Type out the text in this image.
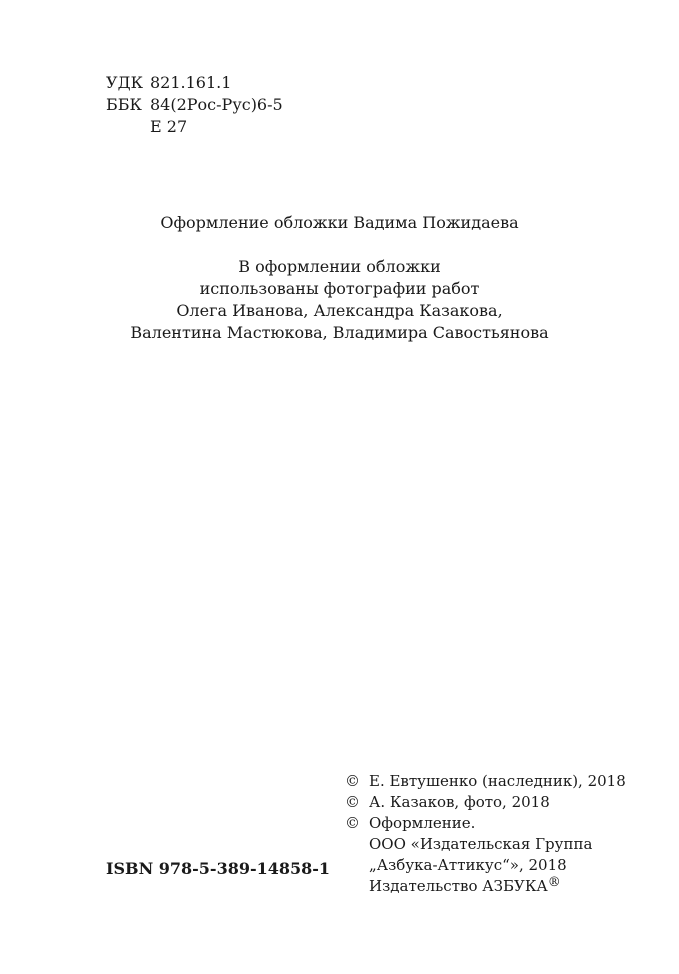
УДК 821.161.1
ББК 84(2Рос-Рус)6-5
Е 27
Оформление обложки Вадима Пожидаева
В оформлении обложки
использованы фотографии работ
Олега Иванова, Александра Казакова,
Валентина Мастюкова, Владимира Савостьянова
ISBN 978-5-389-14858-1
© Е. Евтушенко (наследник), 2018
© А. Казаков, фото, 2018
© Оформление.
ООО «Издательская Группа
„Азбука-Аттикус“», 2018
Издательство АЗБУКА®
